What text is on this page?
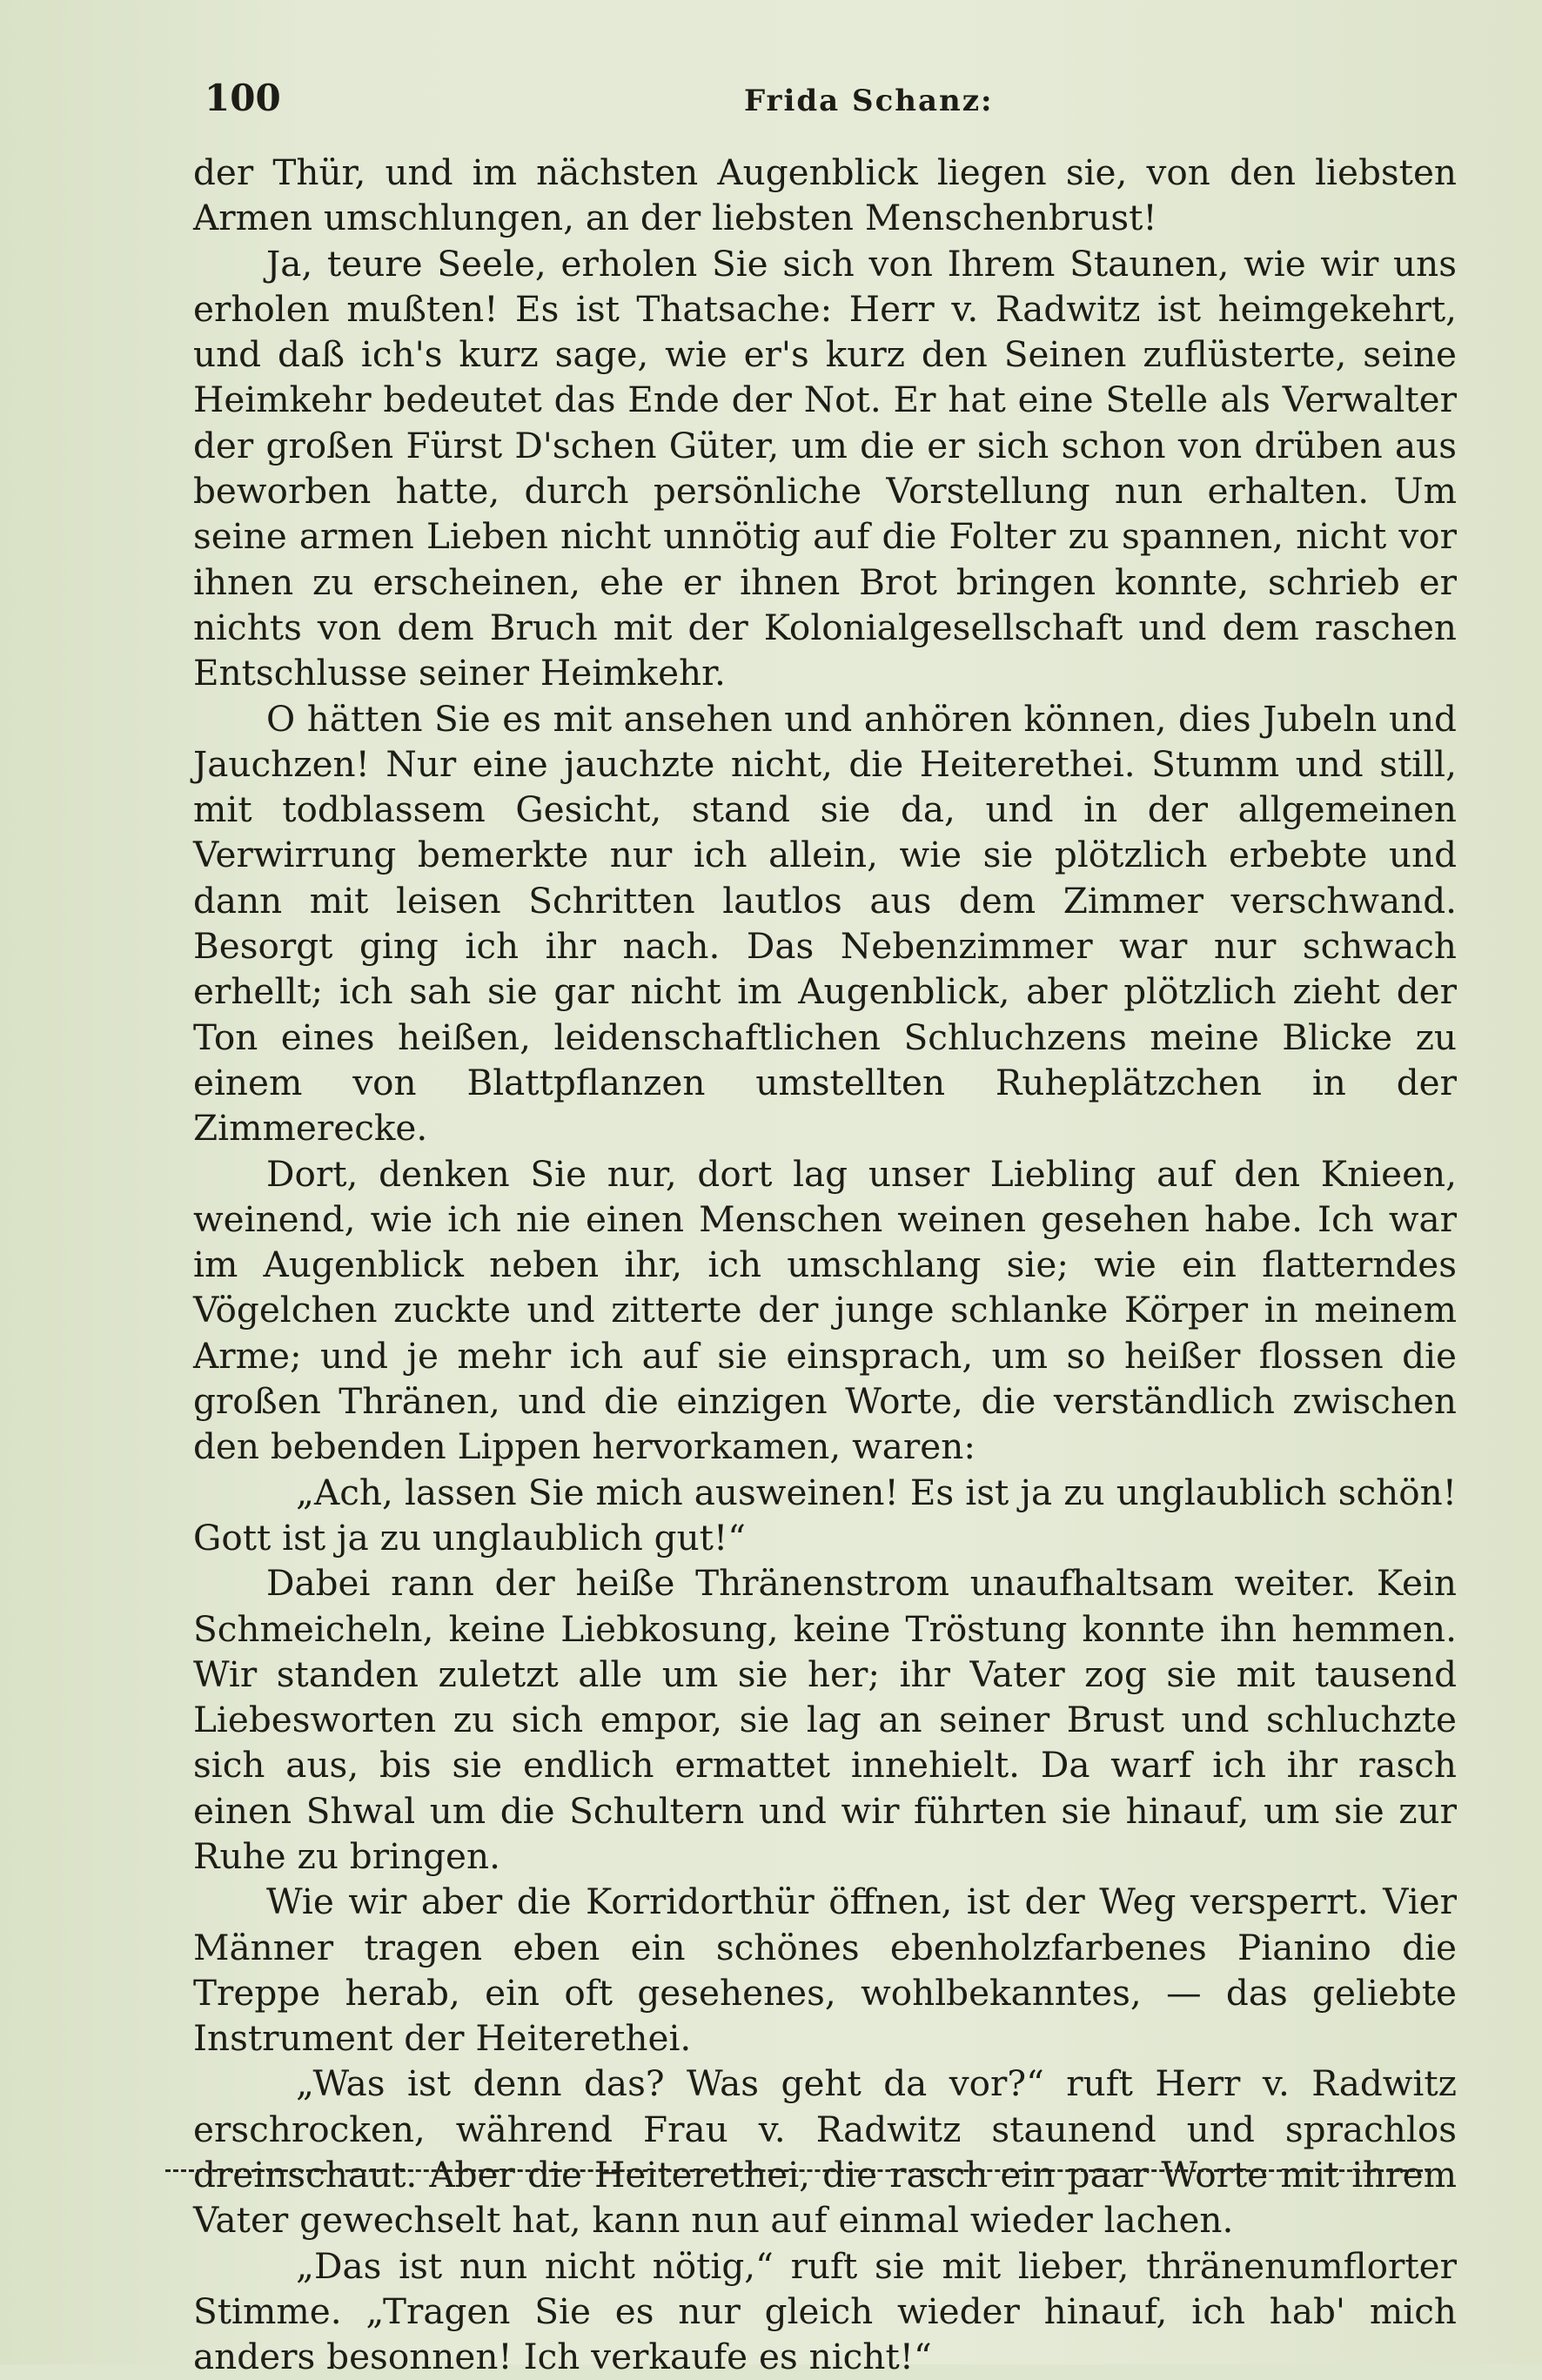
100	Frida Schanz:

der Thür, und im nächsten Augenblick liegen sie, von den liebsten Armen umschlungen, an der liebsten Menschenbrust!

Ja, teure Seele, erholen Sie sich von Ihrem Staunen, wie wir uns erholen mußten! Es ist Thatsache: Herr v. Radwitz ist heimgekehrt, und daß ich's kurz sage, wie er's kurz den Seinen zuflüsterte, seine Heimkehr bedeutet das Ende der Not. Er hat eine Stelle als Verwalter der großen Fürst D'schen Güter, um die er sich schon von drüben aus beworben hatte, durch persönliche Vorstellung nun erhalten. Um seine armen Lieben nicht unnötig auf die Folter zu spannen, nicht vor ihnen zu erscheinen, ehe er ihnen Brot bringen konnte, schrieb er nichts von dem Bruch mit der Kolonialgesellschaft und dem raschen Entschlusse seiner Heimkehr.

O hätten Sie es mit ansehen und anhören können, dies Jubeln und Jauchzen! Nur eine jauchzte nicht, die Heiterethei. Stumm und still, mit todblassem Gesicht, stand sie da, und in der allgemeinen Verwirrung bemerkte nur ich allein, wie sie plötzlich erbebte und dann mit leisen Schritten lautlos aus dem Zimmer verschwand. Besorgt ging ich ihr nach. Das Nebenzimmer war nur schwach erhellt; ich sah sie gar nicht im Augenblick, aber plötzlich zieht der Ton eines heißen, leidenschaftlichen Schluchzens meine Blicke zu einem von Blattpflanzen umstellten Ruheplätzchen in der Zimmerecke.

Dort, denken Sie nur, dort lag unser Liebling auf den Knieen, weinend, wie ich nie einen Menschen weinen gesehen habe. Ich war im Augenblick neben ihr, ich umschlang sie; wie ein flatterndes Vögelchen zuckte und zitterte der junge schlanke Körper in meinem Arme; und je mehr ich auf sie einsprach, um so heißer flossen die großen Thränen, und die einzigen Worte, die verständlich zwischen den bebenden Lippen hervorkamen, waren:

„Ach, lassen Sie mich ausweinen! Es ist ja zu unglaublich schön! Gott ist ja zu unglaublich gut!“

Dabei rann der heiße Thränenstrom unaufhaltsam weiter. Kein Schmeicheln, keine Liebkosung, keine Tröstung konnte ihn hemmen. Wir standen zuletzt alle um sie her; ihr Vater zog sie mit tausend Liebesworten zu sich empor, sie lag an seiner Brust und schluchzte sich aus, bis sie endlich ermattet innehielt. Da warf ich ihr rasch einen Shwal um die Schultern und wir führten sie hinauf, um sie zur Ruhe zu bringen.

Wie wir aber die Korridorthür öffnen, ist der Weg versperrt. Vier Männer tragen eben ein schönes ebenholzfarbenes Pianino die Treppe herab, ein oft gesehenes, wohlbekanntes, — das geliebte Instrument der Heiterethei.

„Was ist denn das? Was geht da vor?“ ruft Herr v. Radwitz erschrocken, während Frau v. Radwitz staunend und sprachlos dreinschaut. Aber die Heiterethei, die rasch ein paar Worte mit ihrem Vater gewechselt hat, kann nun auf einmal wieder lachen.

„Das ist nun nicht nötig,“ ruft sie mit lieber, thränenumflorter Stimme. „Tragen Sie es nur gleich wieder hinauf, ich hab' mich anders besonnen! Ich verkaufe es nicht!“
